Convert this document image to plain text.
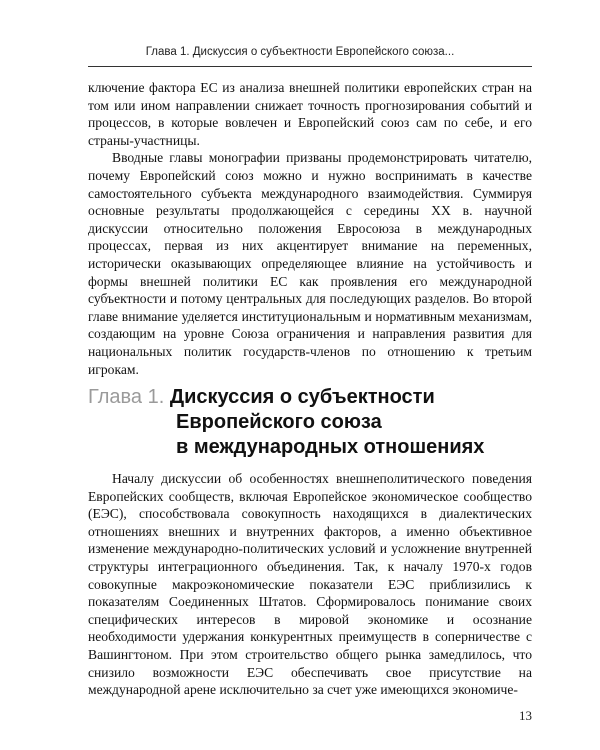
Глава 1. Дискуссия о субъектности Европейского союза...

ключение фактора ЕС из анализа внешней политики европейских стран на том или ином направлении снижает точность прогнозирования событий и процессов, в которые вовлечен и Европейский союз сам по себе, и его страны-участницы.

Вводные главы монографии призваны продемонстрировать читателю, почему Европейский союз можно и нужно воспринимать в качестве самостоятельного субъекта международного взаимодействия. Суммируя основные результаты продолжающейся с середины XX в. научной дискуссии относительно положения Евросоюза в международных процессах, первая из них акцентирует внимание на переменных, исторически оказывающих определяющее влияние на устойчивость и формы внешней политики ЕС как проявления его международной субъектности и потому центральных для последующих разделов. Во второй главе внимание уделяется институциональным и нормативным механизмам, создающим на уровне Союза ограничения и направления развития для национальных политик государств-членов по отношению к третьим игрокам.

Глава 1. Дискуссия о субъектности
Европейского союза
в международных отношениях

Началу дискуссии об особенностях внешнеполитического поведения Европейских сообществ, включая Европейское экономическое сообщество (ЕЭС), способствовала совокупность находящихся в диалектических отношениях внешних и внутренних факторов, а именно объективное изменение международно-политических условий и усложнение внутренней структуры интеграционного объединения. Так, к началу 1970-х годов совокупные макроэкономические показатели ЕЭС приблизились к показателям Соединенных Штатов. Сформировалось понимание своих специфических интересов в мировой экономике и осознание необходимости удержания конкурентных преимуществ в соперничестве с Вашингтоном. При этом строительство общего рынка замедлилось, что снизило возможности ЕЭС обеспечивать свое присутствие на международной арене исключительно за счет уже имеющихся экономиче-

13
